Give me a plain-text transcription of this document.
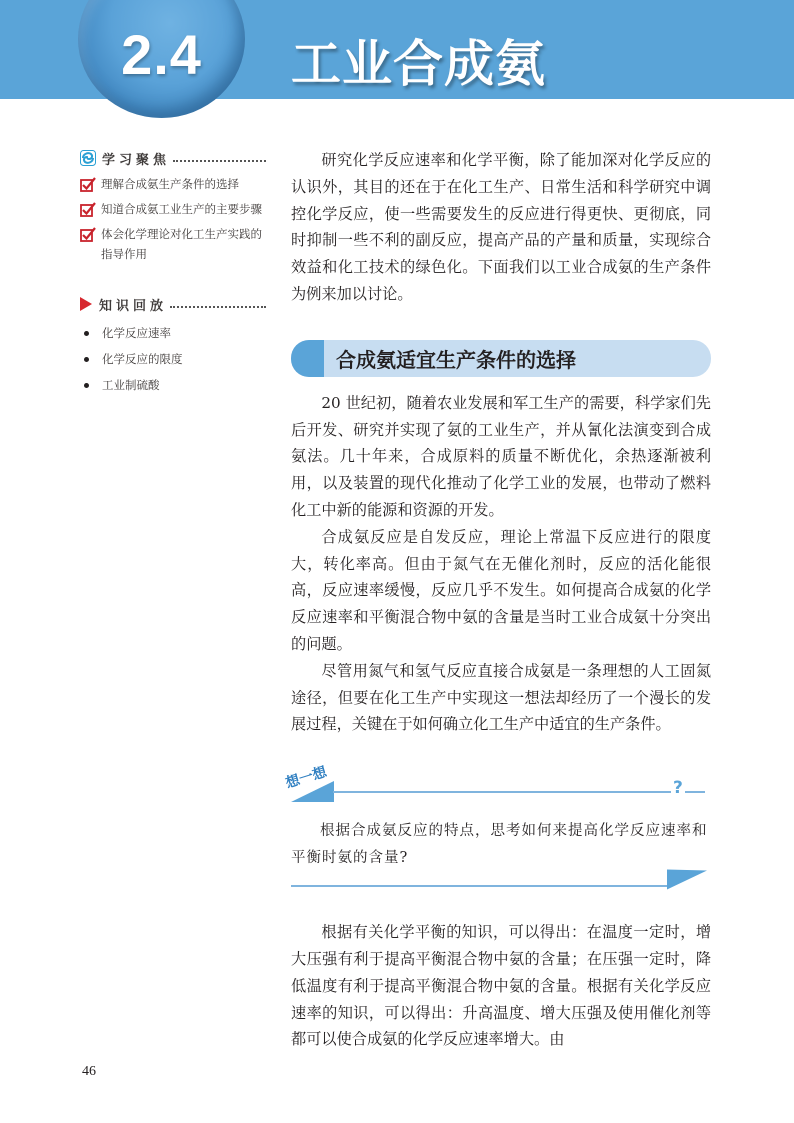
2.4	工业合成氨
学习聚焦
理解合成氨生产条件的选择
知道合成氨工业生产的主要步骤
体会化学理论对化工生产实践的指导作用
知识回放
化学反应速率
化学反应的限度
工业制硫酸

研究化学反应速率和化学平衡，除了能加深对化学反应的认识外，其目的还在于在化工生产、日常生活和科学研究中调控化学反应，使一些需要发生的反应进行得更快、更彻底，同时抑制一些不利的副反应，提高产品的产量和质量，实现综合效益和化工技术的绿色化。下面我们以工业合成氨的生产条件为例来加以讨论。

合成氨适宜生产条件的选择

20 世纪初，随着农业发展和军工生产的需要，科学家们先后开发、研究并实现了氨的工业生产，并从氰化法演变到合成氨法。几十年来，合成原料的质量不断优化，余热逐渐被利用，以及装置的现代化推动了化学工业的发展，也带动了燃料化工中新的能源和资源的开发。

合成氨反应是自发反应，理论上常温下反应进行的限度大，转化率高。但由于氮气在无催化剂时，反应的活化能很高，反应速率缓慢，反应几乎不发生。如何提高合成氨的化学反应速率和平衡混合物中氨的含量是当时工业合成氨十分突出的问题。

尽管用氮气和氢气反应直接合成氨是一条理想的人工固氮途径，但要在化工生产中实现这一想法却经历了一个漫长的发展过程，关键在于如何确立化工生产中适宜的生产条件。

想一想	?

根据合成氨反应的特点，思考如何来提高化学反应速率和平衡时氨的含量?

根据有关化学平衡的知识，可以得出：在温度一定时，增大压强有利于提高平衡混合物中氨的含量；在压强一定时，降低温度有利于提高平衡混合物中氨的含量。根据有关化学反应速率的知识，可以得出：升高温度、增大压强及使用催化剂等都可以使合成氨的化学反应速率增大。由

46
